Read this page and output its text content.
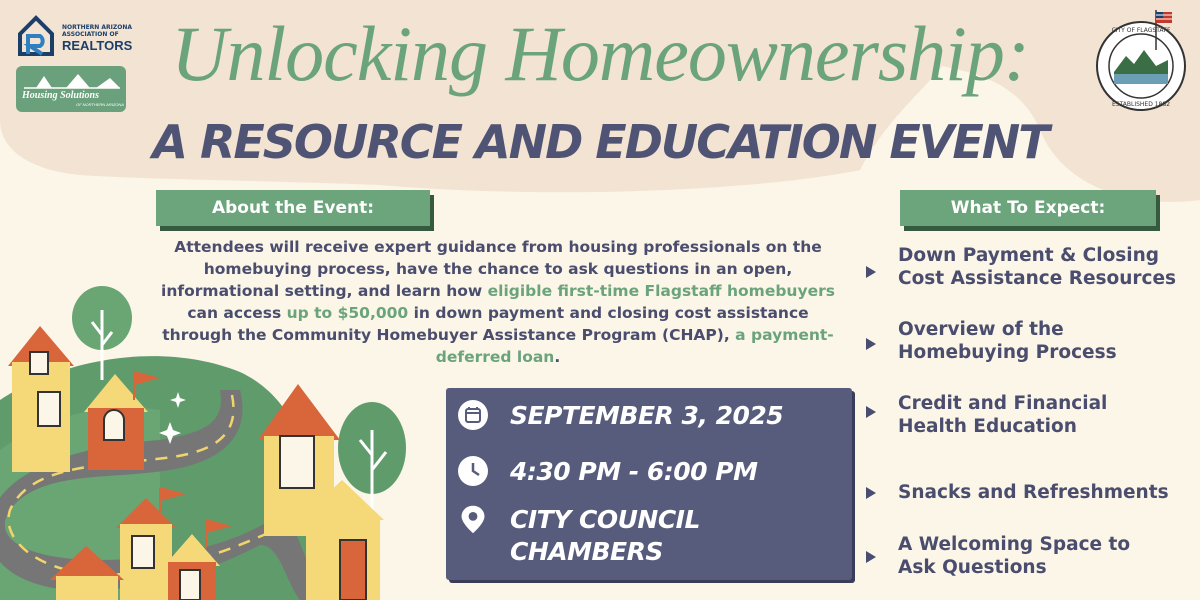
NORTHERN ARIZONA ASSOCIATION OF
REALTORS
Housing Solutions
OF NORTHERN ARIZONA
CITY OF FLAGSTAFF
ESTABLISHED 1882
Unlocking Homeownership:
A RESOURCE AND EDUCATION EVENT
About the Event:
Attendees will receive expert guidance from housing professionals on the homebuying process, have the chance to ask questions in an open, informational setting, and learn how eligible first-time Flagstaff homebuyers can access up to $50,000 in down payment and closing cost assistance through the Community Homebuyer Assistance Program (CHAP), a payment-deferred loan.
SEPTEMBER 3, 2025
4:30 PM - 6:00 PM
CITY COUNCIL
CHAMBERS
What To Expect:
Down Payment & Closing
Cost Assistance Resources
Overview of the
Homebuying Process
Credit and Financial
Health Education
Snacks and Refreshments
A Welcoming Space to
Ask Questions
